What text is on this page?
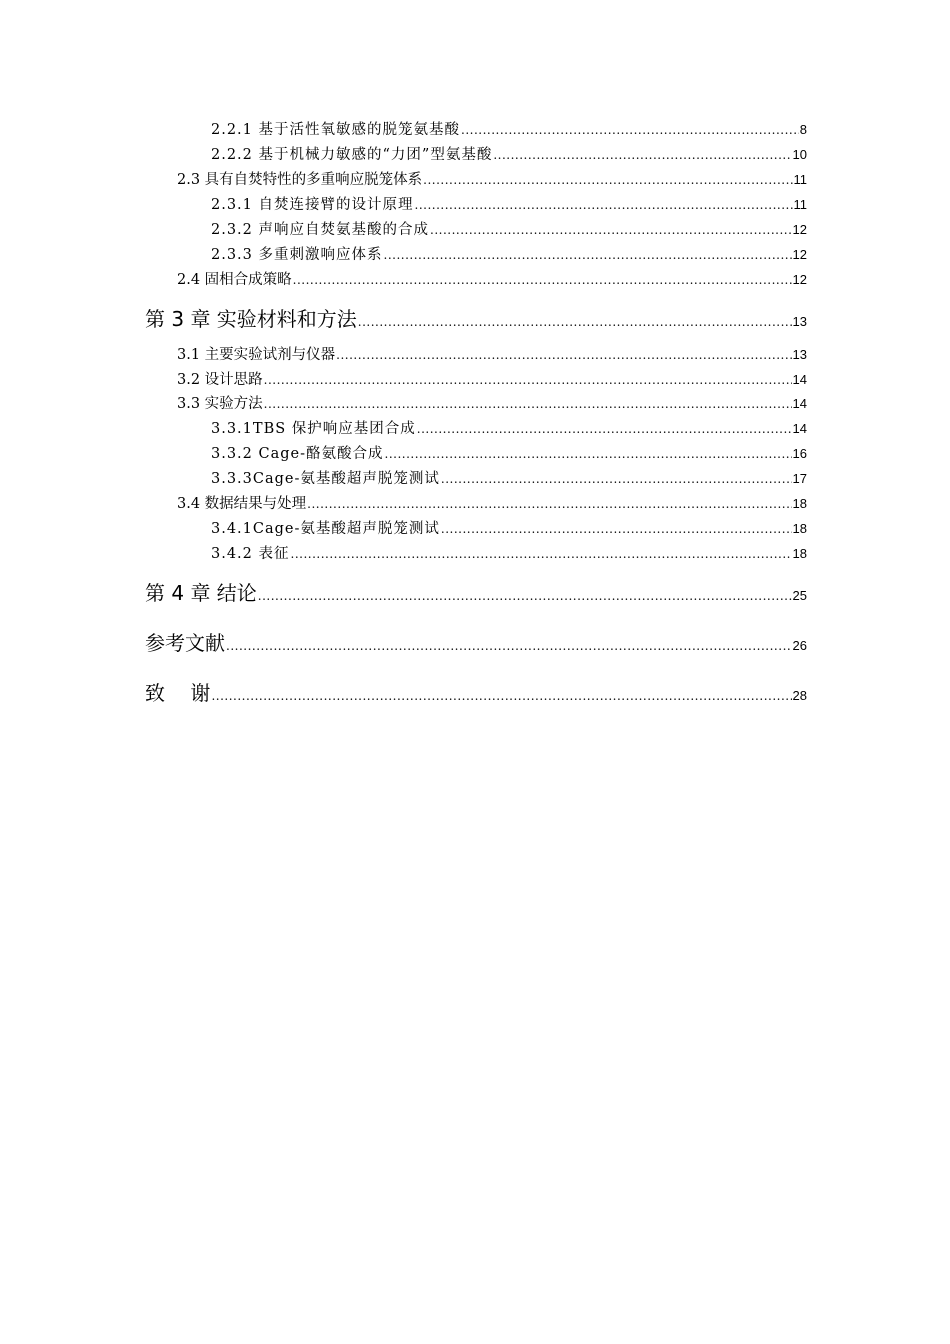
2.2.1 基于活性氧敏感的脱笼氨基酸 .....	8
2.2.2 基于机械力敏感的“力团”型氨基酸 .....	10
2.3 具有自焚特性的多重响应脱笼体系 .....	11
2.3.1 自焚连接臂的设计原理 .....	11
2.3.2 声响应自焚氨基酸的合成 .....	12
2.3.3 多重刺激响应体系 .....	12
2.4 固相合成策略 .....	12
第 3 章 实验材料和方法 .....	13
3.1 主要实验试剂与仪器 .....	13
3.2 设计思路 .....	14
3.3 实验方法 .....	14
3.3.1TBS 保护响应基团合成 .....	14
3.3.2 Cage-酪氨酸合成 .....	16
3.3.3Cage-氨基酸超声脱笼测试 .....	17
3.4 数据结果与处理 .....	18
3.4.1Cage-氨基酸超声脱笼测试 .....	18
3.4.2 表征 .....	18
第 4 章 结论 .....	25
参考文献 .....	26
致    谢 .....	28
